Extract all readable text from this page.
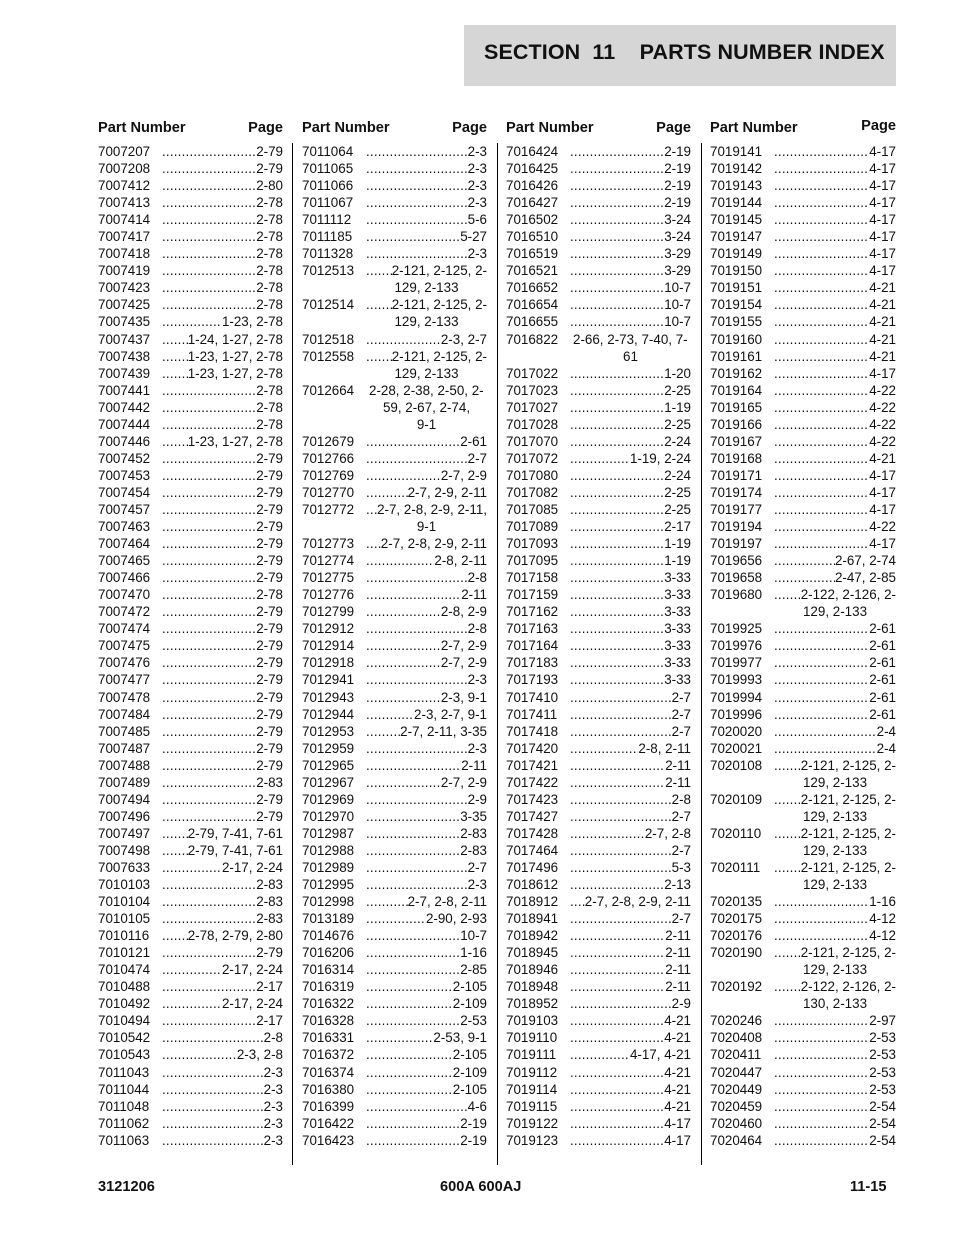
SECTION  11    PARTS NUMBER INDEX
Part Number	Page
7007207 .....	2-79
7007208 .....	2-79
7007412 .....	2-80
7007413 .....	2-78
7007414 .....	2-78
7007417 .....	2-78
7007418 .....	2-78
7007419 .....	2-78
7007423 .....	2-78
7007425 .....	2-78
7007435 .....	1-23, 2-78
7007437 .....	1-24, 1-27, 2-78
7007438 .....	1-23, 1-27, 2-78
7007439 .....	1-23, 1-27, 2-78
7007441 .....	2-78
7007442 .....	2-78
7007444 .....	2-78
7007446 .....	1-23, 1-27, 2-78
7007452 .....	2-79
7007453 .....	2-79
7007454 .....	2-79
7007457 .....	2-79
7007463 .....	2-79
7007464 .....	2-79
7007465 .....	2-79
7007466 .....	2-79
7007470 .....	2-78
7007472 .....	2-79
7007474 .....	2-79
7007475 .....	2-79
7007476 .....	2-79
7007477 .....	2-79
7007478 .....	2-79
7007484 .....	2-79
7007485 .....	2-79
7007487 .....	2-79
7007488 .....	2-79
7007489 .....	2-83
7007494 .....	2-79
7007496 .....	2-79
7007497 .....	2-79, 7-41, 7-61
7007498 .....	2-79, 7-41, 7-61
7007633 .....	2-17, 2-24
7010103 .....	2-83
7010104 .....	2-83
7010105 .....	2-83
7010116 .....	2-78, 2-79, 2-80
7010121 .....	2-79
7010474 .....	2-17, 2-24
7010488 .....	2-17
7010492 .....	2-17, 2-24
7010494 .....	2-17
7010542 .....	2-8
7010543 .....	2-3, 2-8
7011043 .....	2-3
7011044 .....	2-3
7011048 .....	2-3
7011062 .....	2-3
7011063 .....	2-3
Part Number	Page
7011064 .....	2-3
7011065 .....	2-3
7011066 .....	2-3
7011067 .....	2-3
7011112 .....	5-6
7011185 .....	5-27
7011328 .....	2-3
7012513 .....	2-121, 2-125, 2-
129, 2-133
7012514 .....	2-121, 2-125, 2-
129, 2-133
7012518 .....	2-3, 2-7
7012558 .....	2-121, 2-125, 2-
129, 2-133
7012664	2-28, 2-38, 2-50, 2-
59, 2-67, 2-74,
9-1
7012679 .....	2-61
7012766 .....	2-7
7012769 .....	2-7, 2-9
7012770 .....	2-7, 2-9, 2-11
7012772 .....	2-7, 2-8, 2-9, 2-11,
9-1
7012773 .....	2-7, 2-8, 2-9, 2-11
7012774 .....	2-8, 2-11
7012775 .....	2-8
7012776 .....	2-11
7012799 .....	2-8, 2-9
7012912 .....	2-8
7012914 .....	2-7, 2-9
7012918 .....	2-7, 2-9
7012941 .....	2-3
7012943 .....	2-3, 9-1
7012944 .....	2-3, 2-7, 9-1
7012953 .....	2-7, 2-11, 3-35
7012959 .....	2-3
7012965 .....	2-11
7012967 .....	2-7, 2-9
7012969 .....	2-9
7012970 .....	3-35
7012987 .....	2-83
7012988 .....	2-83
7012989 .....	2-7
7012995 .....	2-3
7012998 .....	2-7, 2-8, 2-11
7013189 .....	2-90, 2-93
7014676 .....	10-7
7016206 .....	1-16
7016314 .....	2-85
7016319 .....	2-105
7016322 .....	2-109
7016328 .....	2-53
7016331 .....	2-53, 9-1
7016372 .....	2-105
7016374 .....	2-109
7016380 .....	2-105
7016399 .....	4-6
7016422 .....	2-19
7016423 .....	2-19
Part Number	Page
7016424 .....	2-19
7016425 .....	2-19
7016426 .....	2-19
7016427 .....	2-19
7016502 .....	3-24
7016510 .....	3-24
7016519 .....	3-29
7016521 .....	3-29
7016652 .....	10-7
7016654 .....	10-7
7016655 .....	10-7
7016822	2-66, 2-73, 7-40, 7-
61
7017022 .....	1-20
7017023 .....	2-25
7017027 .....	1-19
7017028 .....	2-25
7017070 .....	2-24
7017072 .....	1-19, 2-24
7017080 .....	2-24
7017082 .....	2-25
7017085 .....	2-25
7017089 .....	2-17
7017093 .....	1-19
7017095 .....	1-19
7017158 .....	3-33
7017159 .....	3-33
7017162 .....	3-33
7017163 .....	3-33
7017164 .....	3-33
7017183 .....	3-33
7017193 .....	3-33
7017410 .....	2-7
7017411 .....	2-7
7017418 .....	2-7
7017420 .....	2-8, 2-11
7017421 .....	2-11
7017422 .....	2-11
7017423 .....	2-8
7017427 .....	2-7
7017428 .....	2-7, 2-8
7017464 .....	2-7
7017496 .....	5-3
7018612 .....	2-13
7018912 .....	2-7, 2-8, 2-9, 2-11
7018941 .....	2-7
7018942 .....	2-11
7018945 .....	2-11
7018946 .....	2-11
7018948 .....	2-11
7018952 .....	2-9
7019103 .....	4-21
7019110 .....	4-21
7019111 .....	4-17, 4-21
7019112 .....	4-21
7019114 .....	4-21
7019115 .....	4-21
7019122 .....	4-17
7019123 .....	4-17
Part Number	Page
7019141 .....	4-17
7019142 .....	4-17
7019143 .....	4-17
7019144 .....	4-17
7019145 .....	4-17
7019147 .....	4-17
7019149 .....	4-17
7019150 .....	4-17
7019151 .....	4-21
7019154 .....	4-21
7019155 .....	4-21
7019160 .....	4-21
7019161 .....	4-21
7019162 .....	4-17
7019164 .....	4-22
7019165 .....	4-22
7019166 .....	4-22
7019167 .....	4-22
7019168 .....	4-21
7019171 .....	4-17
7019174 .....	4-17
7019177 .....	4-17
7019194 .....	4-22
7019197 .....	4-17
7019656 .....	2-67, 2-74
7019658 .....	2-47, 2-85
7019680 .....	2-122, 2-126, 2-
129, 2-133
7019925 .....	2-61
7019976 .....	2-61
7019977 .....	2-61
7019993 .....	2-61
7019994 .....	2-61
7019996 .....	2-61
7020020 .....	2-4
7020021 .....	2-4
7020108 .....	2-121, 2-125, 2-
129, 2-133
7020109 .....	2-121, 2-125, 2-
129, 2-133
7020110 .....	2-121, 2-125, 2-
129, 2-133
7020111 .....	2-121, 2-125, 2-
129, 2-133
7020135 .....	1-16
7020175 .....	4-12
7020176 .....	4-12
7020190 .....	2-121, 2-125, 2-
129, 2-133
7020192 .....	2-122, 2-126, 2-
130, 2-133
7020246 .....	2-97
7020408 .....	2-53
7020411 .....	2-53
7020447 .....	2-53
7020449 .....	2-53
7020459 .....	2-54
7020460 .....	2-54
7020464 .....	2-54
3121206	600A 600AJ	11-15
